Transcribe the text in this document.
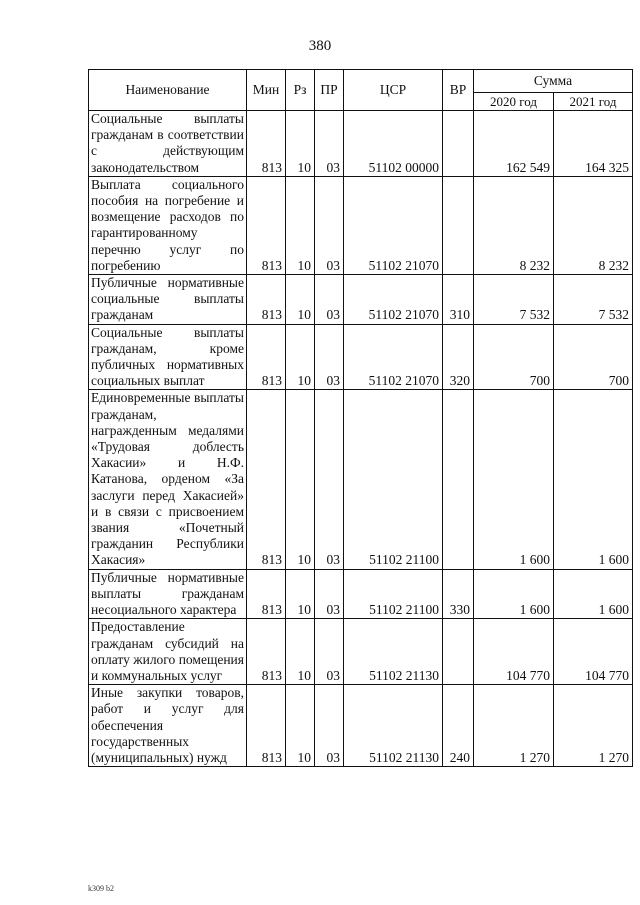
380
Наименование	Мин	Рз	ПР	ЦСР	ВР	Сумма	
						2020 год	2021 год
Социальные выплаты гражданам в соответствии с действующим законодательством	813	10	03	51102 00000		162 549	164 325
Выплата социального пособия на погребение и возмещение расходов по гарантированному перечню услуг по погребению	813	10	03	51102 21070		8 232	8 232
Публичные нормативные социальные выплаты гражданам	813	10	03	51102 21070	310	7 532	7 532
Социальные выплаты гражданам, кроме публичных нормативных социальных выплат	813	10	03	51102 21070	320	700	700
Единовременные выплаты гражданам, награжденным медалями «Трудовая доблесть Хакасии» и Н.Ф. Катанова, орденом «За заслуги перед Хакасией» и в связи с присвоением звания «Почетный гражданин Республики Хакасия»	813	10	03	51102 21100		1 600	1 600
Публичные нормативные выплаты гражданам несоциального характера	813	10	03	51102 21100	330	1 600	1 600
Предоставление гражданам субсидий на оплату жилого помещения и коммунальных услуг	813	10	03	51102 21130		104 770	104 770
Иные закупки товаров, работ и услуг для обеспечения государственных (муниципальных) нужд	813	10	03	51102 21130	240	1 270	1 270
k309 b2
